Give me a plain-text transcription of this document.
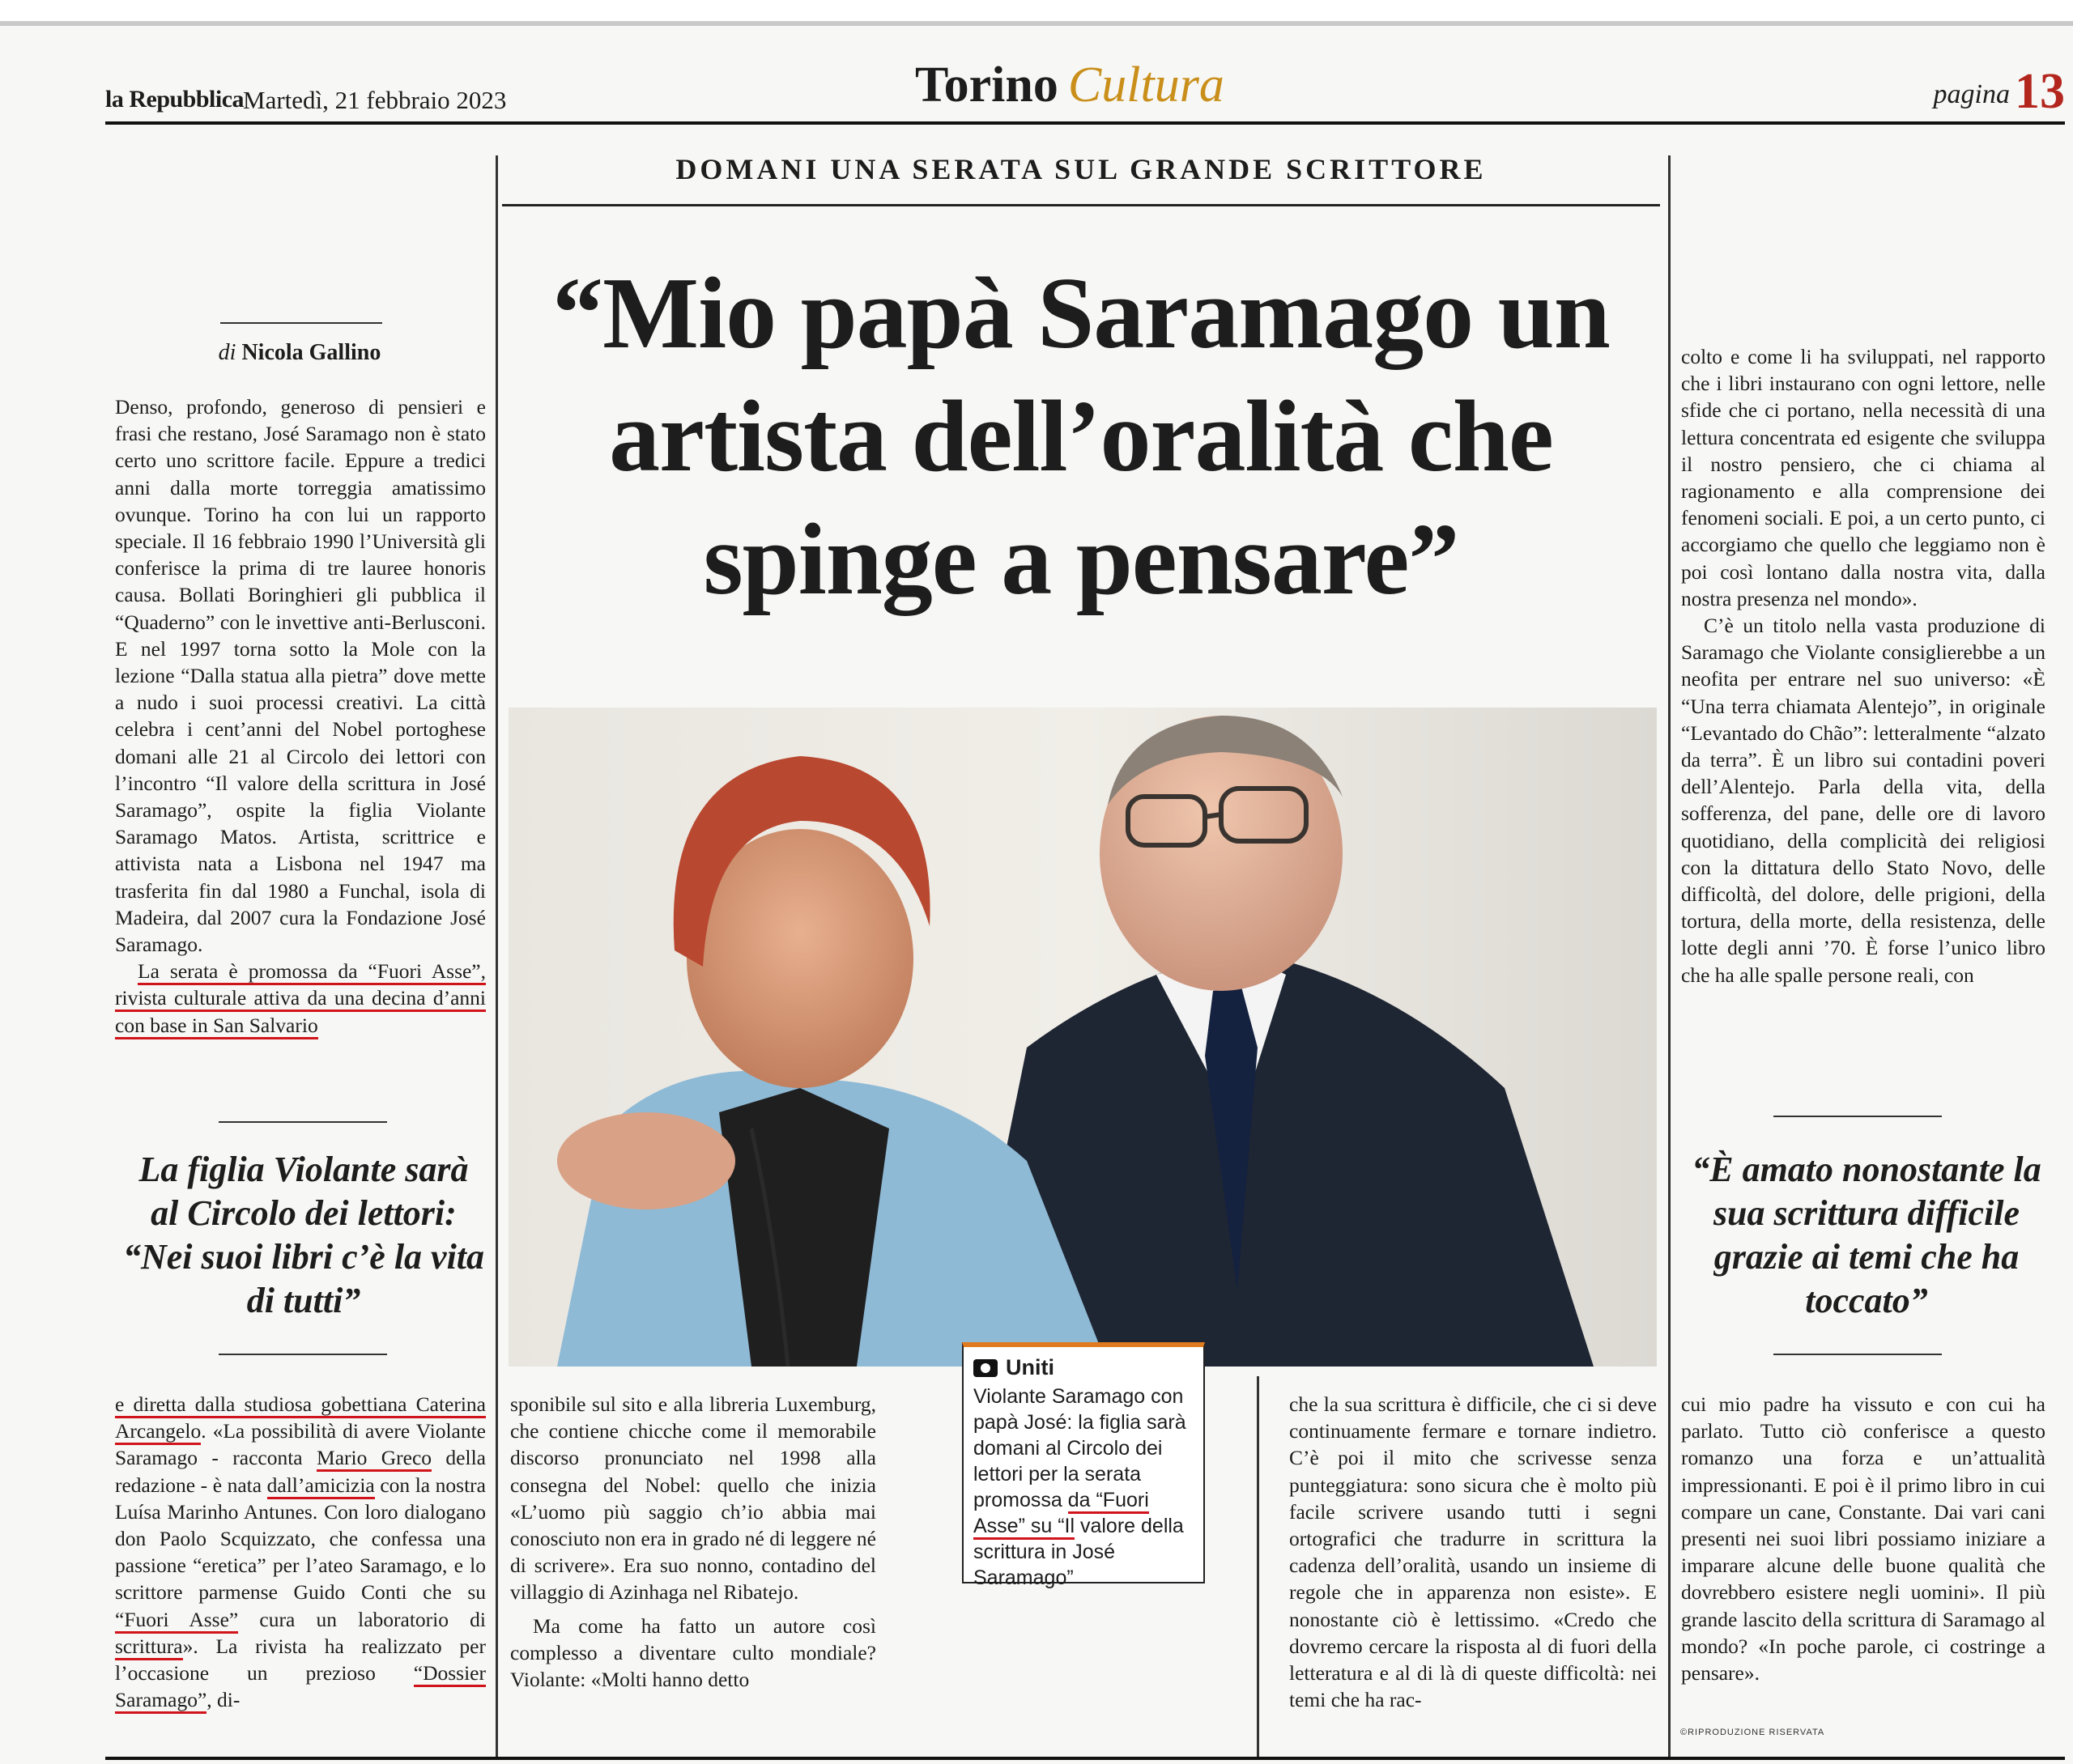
la Repubblica
Martedì, 21 febbraio 2023	Torino Cultura	pagina13
DOMANI UNA SERATA SUL GRANDE SCRITTORE
“Mio papà Saramago un artista dell’oralità che spinge a pensare”
di Nicola Gallino

Denso, profondo, generoso di pensieri e frasi che restano, José Saramago non è stato certo uno scrittore facile. Eppure a tredici anni dalla morte torreggia amatissimo ovunque. Torino ha con lui un rapporto speciale. Il 16 febbraio 1990 l’Università gli conferisce la prima di tre lauree honoris causa. Bollati Boringhieri gli pubblica il “Quaderno” con le invettive anti-Berlusconi. E nel 1997 torna sotto la Mole con la lezione “Dalla statua alla pietra” dove mette a nudo i suoi processi creativi. La città celebra i cent’anni del Nobel portoghese domani alle 21 al Circolo dei lettori con l’incontro “Il valore della scrittura in José Saramago”, ospite la figlia Violante Saramago Matos. Artista, scrittrice e attivista nata a Lisbona nel 1947 ma trasferita fin dal 1980 a Funchal, isola di Madeira, dal 2007 cura la Fondazione José Saramago.

La serata è promossa da “Fuori Asse”, rivista culturale attiva da una decina d’anni con base in San Salvario

La figlia Violante sarà al Circolo dei lettori: “Nei suoi libri c’è la vita di tutti”

e diretta dalla studiosa gobettiana Caterina Arcangelo. «La possibilità di avere Violante Saramago - racconta Mario Greco della redazione - è nata dall’amicizia con la nostra Luísa Marinho Antunes. Con loro dialogano don Paolo Scquizzato, che confessa una passione “eretica” per l’ateo Saramago, e lo scrittore parmense Guido Conti che su “Fuori Asse” cura un laboratorio di scrittura». La rivista ha realizzato per l’occasione un prezioso “Dossier Saramago”, di-

Uniti
Violante Saramago con papà José: la figlia sarà domani al Circolo dei lettori per la serata promossa da “Fuori Asse” su “Il valore della scrittura in José Saramago”

sponibile sul sito e alla libreria Luxemburg, che contiene chicche come il memorabile discorso pronunciato nel 1998 alla consegna del Nobel: quello che inizia «L’uomo più saggio ch’io abbia mai conosciuto non era in grado né di leggere né di scrivere». Era suo nonno, contadino del villaggio di Azinhaga nel Ribatejo.

Ma come ha fatto un autore così complesso a diventare culto mondiale? Violante: «Molti hanno detto

che la sua scrittura è difficile, che ci si deve continuamente fermare e tornare indietro. C’è poi il mito che scrivesse senza punteggiatura: sono sicura che è molto più facile scrivere usando tutti i segni ortografici che tradurre in scrittura la cadenza dell’oralità, usando un insieme di regole che in apparenza non esiste». E nonostante ciò è lettissimo. «Credo che dovremo cercare la risposta al di fuori della letteratura e al di là di queste difficoltà: nei temi che ha rac-

colto e come li ha sviluppati, nel rapporto che i libri instaurano con ogni lettore, nelle sfide che ci portano, nella necessità di una lettura concentrata ed esigente che sviluppa il nostro pensiero, che ci chiama al ragionamento e alla comprensione dei fenomeni sociali. E poi, a un certo punto, ci accorgiamo che quello che leggiamo non è poi così lontano dalla nostra vita, dalla nostra presenza nel mondo».

C’è un titolo nella vasta produzione di Saramago che Violante consiglierebbe a un neofita per entrare nel suo universo: «È “Una terra chiamata Alentejo”, in originale “Levantado do Chão”: letteralmente “alzato da terra”. È un libro sui contadini poveri dell’Alentejo. Parla della vita, della sofferenza, del pane, delle ore di lavoro quotidiano, della complicità dei religiosi con la dittatura dello Stato Novo, delle difficoltà, del dolore, delle prigioni, della tortura, della morte, della resistenza, delle lotte degli anni ’70. È forse l’unico libro che ha alle spalle persone reali, con

“È amato nonostante la sua scrittura difficile grazie ai temi che ha toccato”

cui mio padre ha vissuto e con cui ha parlato. Tutto ciò conferisce a questo romanzo una forza e un’attualità impressionanti. E poi è il primo libro in cui compare un cane, Constante. Dai vari cani presenti nei suoi libri possiamo iniziare a imparare alcune delle buone qualità che dovrebbero esistere negli uomini». Il più grande lascito della scrittura di Saramago al mondo? «In poche parole, ci costringe a pensare».

©RIPRODUZIONE RISERVATA
